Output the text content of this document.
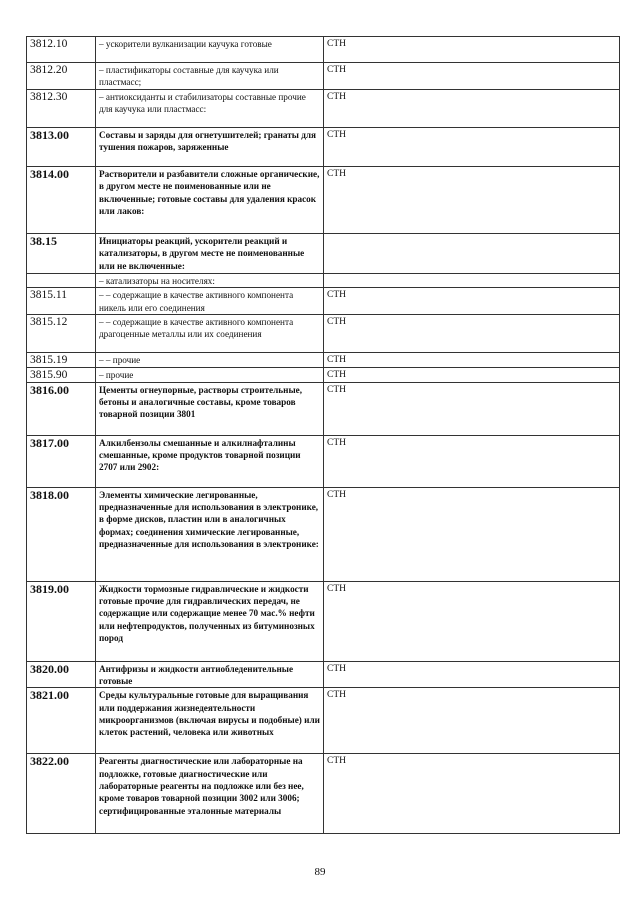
3812.10	– ускорители вулканизации каучука готовые	СТН
3812.20	– пластификаторы составные для каучука или пластмасс;	СТН
3812.30	– антиоксиданты и стабилизаторы составные прочие для каучука или пластмасс:	СТН
3813.00	Составы и заряды для огнетушителей; гранаты для тушения пожаров, заряженные	СТН
3814.00	Растворители и разбавители сложные органические, в другом месте не поименованные или не включенные; готовые составы для удаления красок или лаков:	СТН
38.15	Инициаторы реакций, ускорители реакций и катализаторы, в другом месте не поименованные или не включенные:	
	– катализаторы на носителях:	
3815.11	– – содержащие в качестве активного компонента никель или его соединения	СТН
3815.12	– – содержащие в качестве активного компонента драгоценные металлы или их соединения	СТН
3815.19	– – прочие	СТН
3815.90	– прочие	СТН
3816.00	Цементы огнеупорные, растворы строительные, бетоны и аналогичные составы, кроме товаров товарной позиции 3801	СТН
3817.00	Алкилбензолы смешанные и алкилнафталины смешанные, кроме продуктов товарной позиции 2707 или 2902:	СТН
3818.00	Элементы химические легированные, предназначенные для использования в электронике, в форме дисков, пластин или в аналогичных формах; соединения химические легированные, предназначенные для использования в электронике:	СТН
3819.00	Жидкости тормозные гидравлические и жидкости готовые прочие для гидравлических передач, не содержащие или содержащие менее 70 мас.% нефти или нефтепродуктов, полученных из битуминозных пород	СТН
3820.00	Антифризы и жидкости антиобледенительные готовые	СТН
3821.00	Среды культуральные готовые для выращивания или поддержания жизнедеятельности микроорганизмов (включая вирусы и подобные) или клеток растений, человека или животных	СТН
3822.00	Реагенты диагностические или лабораторные на подложке, готовые диагностические или лабораторные реагенты на подложке или без нее, кроме товаров товарной позиции 3002 или 3006; сертифицированные эталонные материалы	СТН
89
